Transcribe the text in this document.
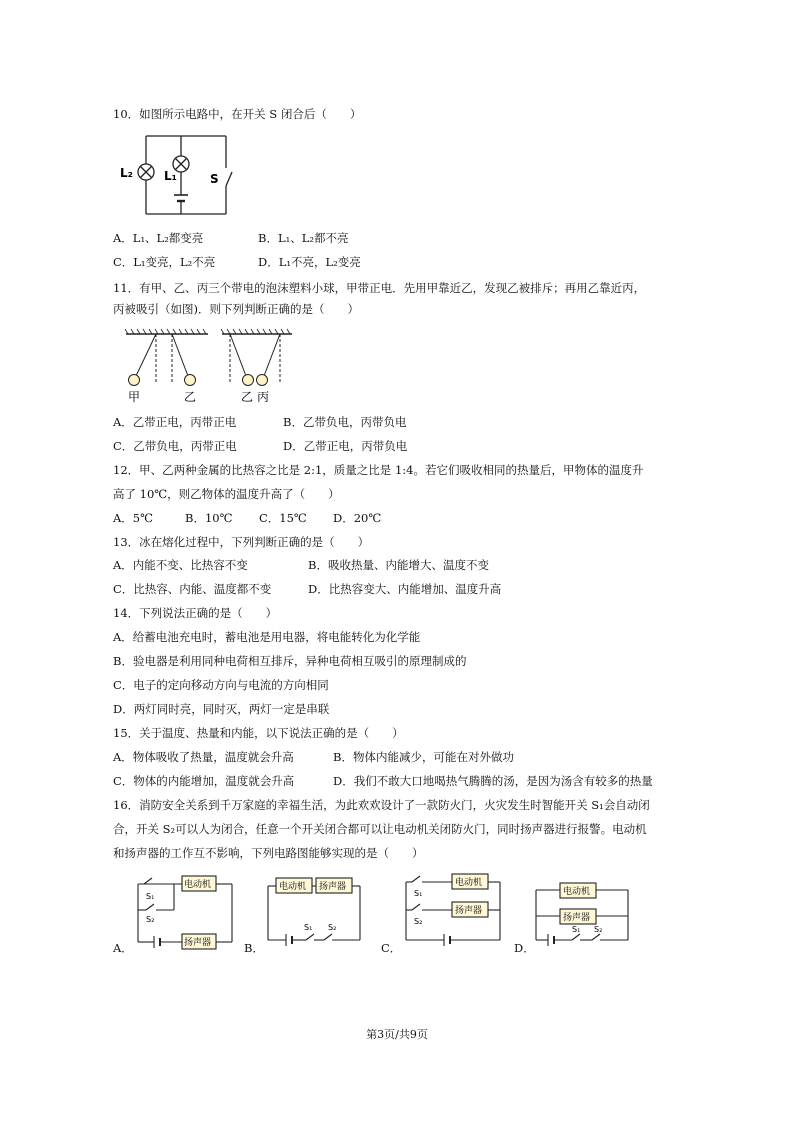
10．如图所示电路中，在开关 S 闭合后（　　）
L₂	L₁	S
A．L₁、L₂都变亮	B．L₁、L₂都不亮
C．L₁变亮，L₂不亮	D．L₁不亮，L₂变亮
11．有甲、乙、丙三个带电的泡沫塑料小球，甲带正电．先用甲靠近乙，发现乙被排斥；再用乙靠近丙，
丙被吸引（如图)．则下列判断正确的是（　　）
甲	乙	乙 丙
A．乙带正电，丙带正电	B．乙带负电，丙带负电
C．乙带负电，丙带正电	D．乙带正电，丙带负电
12．甲、乙两种金属的比热容之比是 2:1，质量之比是 1:4。若它们吸收相同的热量后，甲物体的温度升
高了 10℃，则乙物体的温度升高了（　　）
A．5℃	B．10℃ C．15℃ D．20℃
13．冰在熔化过程中，下列判断正确的是（　　）
A．内能不变、比热容不变	B．吸收热量、内能增大、温度不变
C．比热容、内能、温度都不变	D．比热容变大、内能增加、温度升高
14．下列说法正确的是（　　）
A．给蓄电池充电时，蓄电池是用电器，将电能转化为化学能
B．验电器是利用同种电荷相互排斥，异种电荷相互吸引的原理制成的
C．电子的定向移动方向与电流的方向相同
D．两灯同时亮，同时灭，两灯一定是串联
15．关于温度、热量和内能，以下说法正确的是（　　）
A．物体吸收了热量，温度就会升高	B．物体内能减少，可能在对外做功
C．物体的内能增加，温度就会升高	D．我们不敢大口地喝热气腾腾的汤，是因为汤含有较多的热量
16．消防安全关系到千万家庭的幸福生活，为此欢欢设计了一款防火门，火灾发生时智能开关 S₁会自动闭
合，开关 S₂可以人为闭合，任意一个开关闭合都可以让电动机关闭防火门，同时扬声器进行报警。电动机
和扬声器的工作互不影响，下列电路图能够实现的是（　　）
A．
电动机
扬声器
S₁
S₂
B．
电动机 扬声器
S₁ S₂
C．
电动机
扬声器
S₁
S₂
D．
电动机
扬声器
S₁ S₂
第3页/共9页
